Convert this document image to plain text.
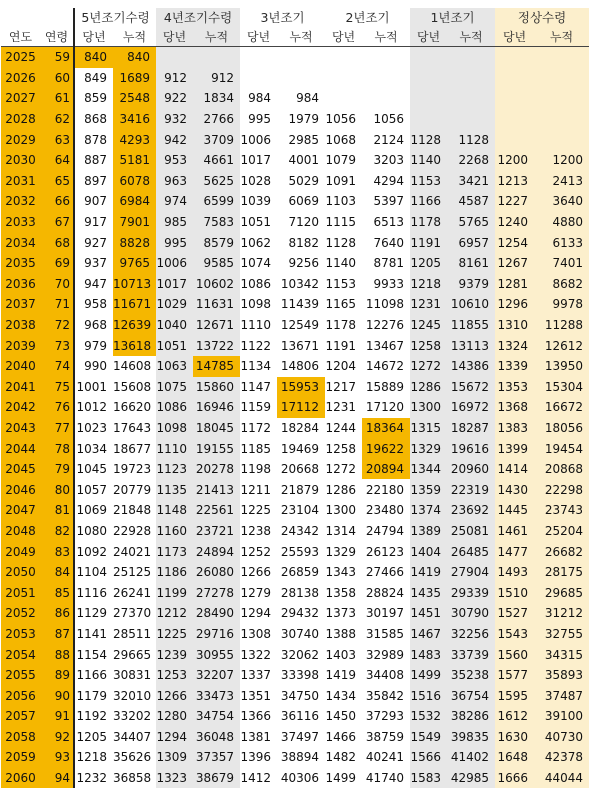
		5년조기수령		4년조기수령		3년조기		2년조기		1년조기		정상수령	
연도	연령	당년	누적	당년	누적	당년	누적	당년	누적	당년	누적	당년	누적
2025	59	840	840										
2026	60	849	1689	912	912								
2027	61	859	2548	922	1834	984	984						
2028	62	868	3416	932	2766	995	1979	1056	1056				
2029	63	878	4293	942	3709	1006	2985	1068	2124	1128	1128		
2030	64	887	5181	953	4661	1017	4001	1079	3203	1140	2268	1200	1200
2031	65	897	6078	963	5625	1028	5029	1091	4294	1153	3421	1213	2413
2032	66	907	6984	974	6599	1039	6069	1103	5397	1166	4587	1227	3640
2033	67	917	7901	985	7583	1051	7120	1115	6513	1178	5765	1240	4880
2034	68	927	8828	995	8579	1062	8182	1128	7640	1191	6957	1254	6133
2035	69	937	9765	1006	9585	1074	9256	1140	8781	1205	8161	1267	7401
2036	70	947	10713	1017	10602	1086	10342	1153	9933	1218	9379	1281	8682
2037	71	958	11671	1029	11631	1098	11439	1165	11098	1231	10610	1296	9978
2038	72	968	12639	1040	12671	1110	12549	1178	12276	1245	11855	1310	11288
2039	73	979	13618	1051	13722	1122	13671	1191	13467	1258	13113	1324	12612
2040	74	990	14608	1063	14785	1134	14806	1204	14672	1272	14386	1339	13950
2041	75	1001	15608	1075	15860	1147	15953	1217	15889	1286	15672	1353	15304
2042	76	1012	16620	1086	16946	1159	17112	1231	17120	1300	16972	1368	16672
2043	77	1023	17643	1098	18045	1172	18284	1244	18364	1315	18287	1383	18056
2044	78	1034	18677	1110	19155	1185	19469	1258	19622	1329	19616	1399	19454
2045	79	1045	19723	1123	20278	1198	20668	1272	20894	1344	20960	1414	20868
2046	80	1057	20779	1135	21413	1211	21879	1286	22180	1359	22319	1430	22298
2047	81	1069	21848	1148	22561	1225	23104	1300	23480	1374	23692	1445	23743
2048	82	1080	22928	1160	23721	1238	24342	1314	24794	1389	25081	1461	25204
2049	83	1092	24021	1173	24894	1252	25593	1329	26123	1404	26485	1477	26682
2050	84	1104	25125	1186	26080	1266	26859	1343	27466	1419	27904	1493	28175
2051	85	1116	26241	1199	27278	1279	28138	1358	28824	1435	29339	1510	29685
2052	86	1129	27370	1212	28490	1294	29432	1373	30197	1451	30790	1527	31212
2053	87	1141	28511	1225	29716	1308	30740	1388	31585	1467	32256	1543	32755
2054	88	1154	29665	1239	30955	1322	32062	1403	32989	1483	33739	1560	34315
2055	89	1166	30831	1253	32207	1337	33398	1419	34408	1499	35238	1577	35893
2056	90	1179	32010	1266	33473	1351	34750	1434	35842	1516	36754	1595	37487
2057	91	1192	33202	1280	34754	1366	36116	1450	37293	1532	38286	1612	39100
2058	92	1205	34407	1294	36048	1381	37497	1466	38759	1549	39835	1630	40730
2059	93	1218	35626	1309	37357	1396	38894	1482	40241	1566	41402	1648	42378
2060	94	1232	36858	1323	38679	1412	40306	1499	41740	1583	42985	1666	44044
